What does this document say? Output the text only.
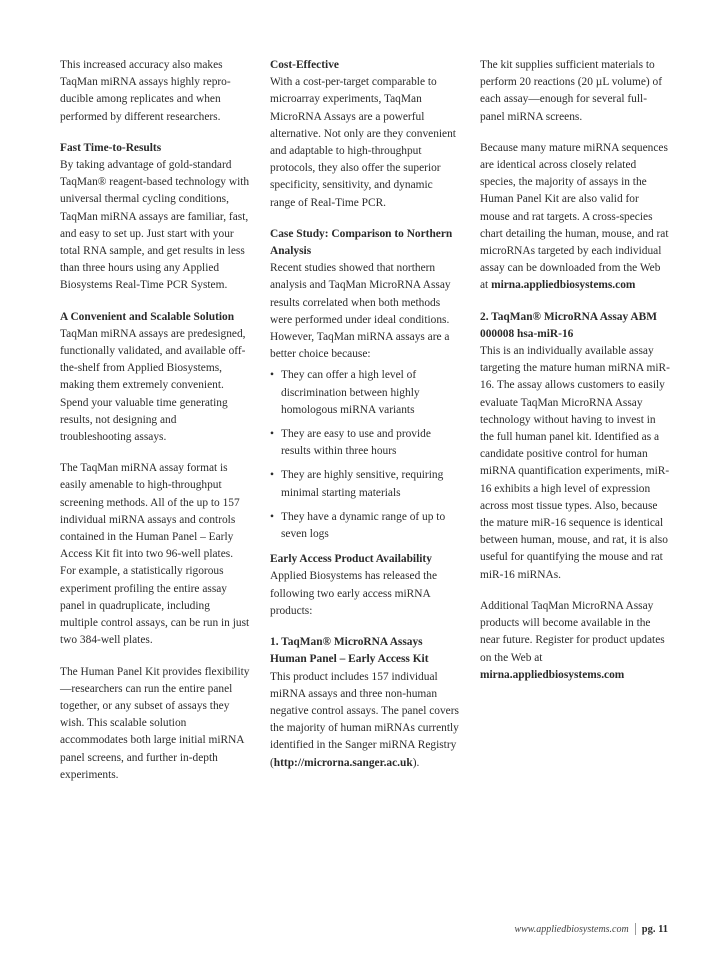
This increased accuracy also makes TaqMan miRNA assays highly reproducible among replicates and when performed by different researchers.

Fast Time-to-Results
By taking advantage of gold-standard TaqMan® reagent-based technology with universal thermal cycling conditions, TaqMan miRNA assays are familiar, fast, and easy to set up. Just start with your total RNA sample, and get results in less than three hours using any Applied Biosystems Real-Time PCR System.

A Convenient and Scalable Solution
TaqMan miRNA assays are predesigned, functionally validated, and available off-the-shelf from Applied Biosystems, making them extremely convenient. Spend your valuable time generating results, not designing and troubleshooting assays.

The TaqMan miRNA assay format is easily amenable to high-throughput screening methods. All of the up to 157 individual miRNA assays and controls contained in the Human Panel – Early Access Kit fit into two 96-well plates. For example, a statistically rigorous experiment profiling the entire assay panel in quadruplicate, including multiple control assays, can be run in just two 384-well plates.

The Human Panel Kit provides flexibility—researchers can run the entire panel together, or any subset of assays they wish. This scalable solution accommodates both large initial miRNA panel screens, and further in-depth experiments.

Cost-Effective
With a cost-per-target comparable to microarray experiments, TaqMan MicroRNA Assays are a powerful alternative. Not only are they convenient and adaptable to high-throughput protocols, they also offer the superior specificity, sensitivity, and dynamic range of Real-Time PCR.

Case Study: Comparison to Northern Analysis
Recent studies showed that northern analysis and TaqMan MicroRNA Assay results correlated when both methods were performed under ideal conditions. However, TaqMan miRNA assays are a better choice because:

• They can offer a high level of discrimination between highly homologous miRNA variants
• They are easy to use and provide results within three hours
• They are highly sensitive, requiring minimal starting materials
• They have a dynamic range of up to seven logs

Early Access Product Availability
Applied Biosystems has released the following two early access miRNA products:

1. TaqMan® MicroRNA Assays Human Panel – Early Access Kit
This product includes 157 individual miRNA assays and three non-human negative control assays. The panel covers the majority of human miRNAs currently identified in the Sanger miRNA Registry (http://microrna.sanger.ac.uk).

The kit supplies sufficient materials to perform 20 reactions (20 µL volume) of each assay—enough for several full-panel miRNA screens.

Because many mature miRNA sequences are identical across closely related species, the majority of assays in the Human Panel Kit are also valid for mouse and rat targets. A cross-species chart detailing the human, mouse, and rat microRNAs targeted by each individual assay can be downloaded from the Web at mirna.appliedbiosystems.com

2. TaqMan® MicroRNA Assay ABM 000008 hsa-miR-16
This is an individually available assay targeting the mature human miRNA miR-16. The assay allows customers to easily evaluate TaqMan MicroRNA Assay technology without having to invest in the full human panel kit. Identified as a candidate positive control for human miRNA quantification experiments, miR-16 exhibits a high level of expression across most tissue types. Also, because the mature miR-16 sequence is identical between human, mouse, and rat, it is also useful for quantifying the mouse and rat miR-16 miRNAs.

Additional TaqMan MicroRNA Assay products will become available in the near future. Register for product updates on the Web at mirna.appliedbiosystems.com

www.appliedbiosystems.com pg. 11
